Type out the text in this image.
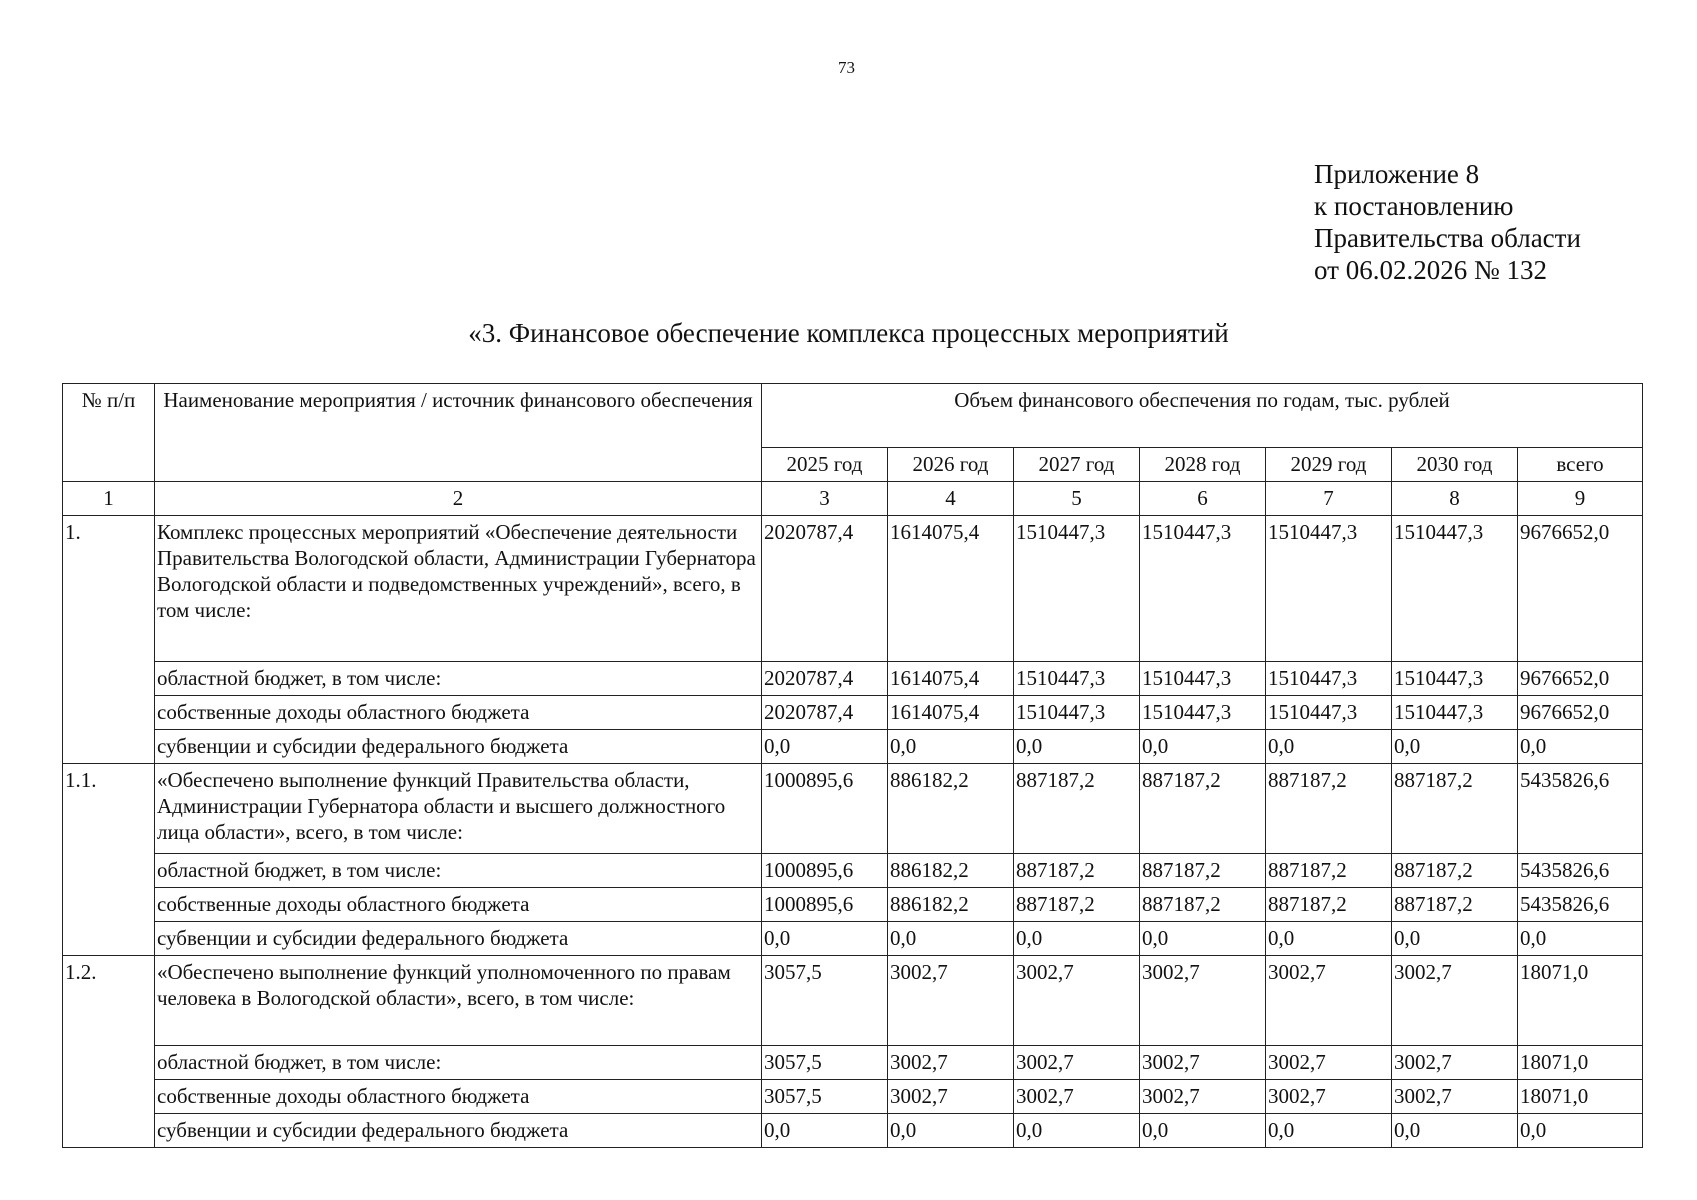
73
Приложение 8
к постановлению
Правительства области
от 06.02.2026 № 132
«3. Финансовое обеспечение комплекса процессных мероприятий
№ п/п	Наименование мероприятия / источник финансового обеспечения	Объем финансового обеспечения по годам, тыс. рублей						
		2025 год	2026 год	2027 год	2028 год	2029 год	2030 год	всего
1	2	3	4	5	6	7	8	9
1.	Комплекс процессных мероприятий «Обеспечение деятельности Правительства Вологодской области, Администрации Губернатора Вологодской области и подведомственных учреждений», всего, в том числе:	2020787,4	1614075,4	1510447,3	1510447,3	1510447,3	1510447,3	9676652,0
	областной бюджет, в том числе:	2020787,4	1614075,4	1510447,3	1510447,3	1510447,3	1510447,3	9676652,0
	собственные доходы областного бюджета	2020787,4	1614075,4	1510447,3	1510447,3	1510447,3	1510447,3	9676652,0
	субвенции и субсидии федерального бюджета	0,0	0,0	0,0	0,0	0,0	0,0	0,0
1.1.	«Обеспечено выполнение функций Правительства области, Администрации Губернатора области и высшего должностного лица области», всего, в том числе:	1000895,6	886182,2	887187,2	887187,2	887187,2	887187,2	5435826,6
	областной бюджет, в том числе:	1000895,6	886182,2	887187,2	887187,2	887187,2	887187,2	5435826,6
	собственные доходы областного бюджета	1000895,6	886182,2	887187,2	887187,2	887187,2	887187,2	5435826,6
	субвенции и субсидии федерального бюджета	0,0	0,0	0,0	0,0	0,0	0,0	0,0
1.2.	«Обеспечено выполнение функций уполномоченного по правам человека в Вологодской области», всего, в том числе:	3057,5	3002,7	3002,7	3002,7	3002,7	3002,7	18071,0
	областной бюджет, в том числе:	3057,5	3002,7	3002,7	3002,7	3002,7	3002,7	18071,0
	собственные доходы областного бюджета	3057,5	3002,7	3002,7	3002,7	3002,7	3002,7	18071,0
	субвенции и субсидии федерального бюджета	0,0	0,0	0,0	0,0	0,0	0,0	0,0
